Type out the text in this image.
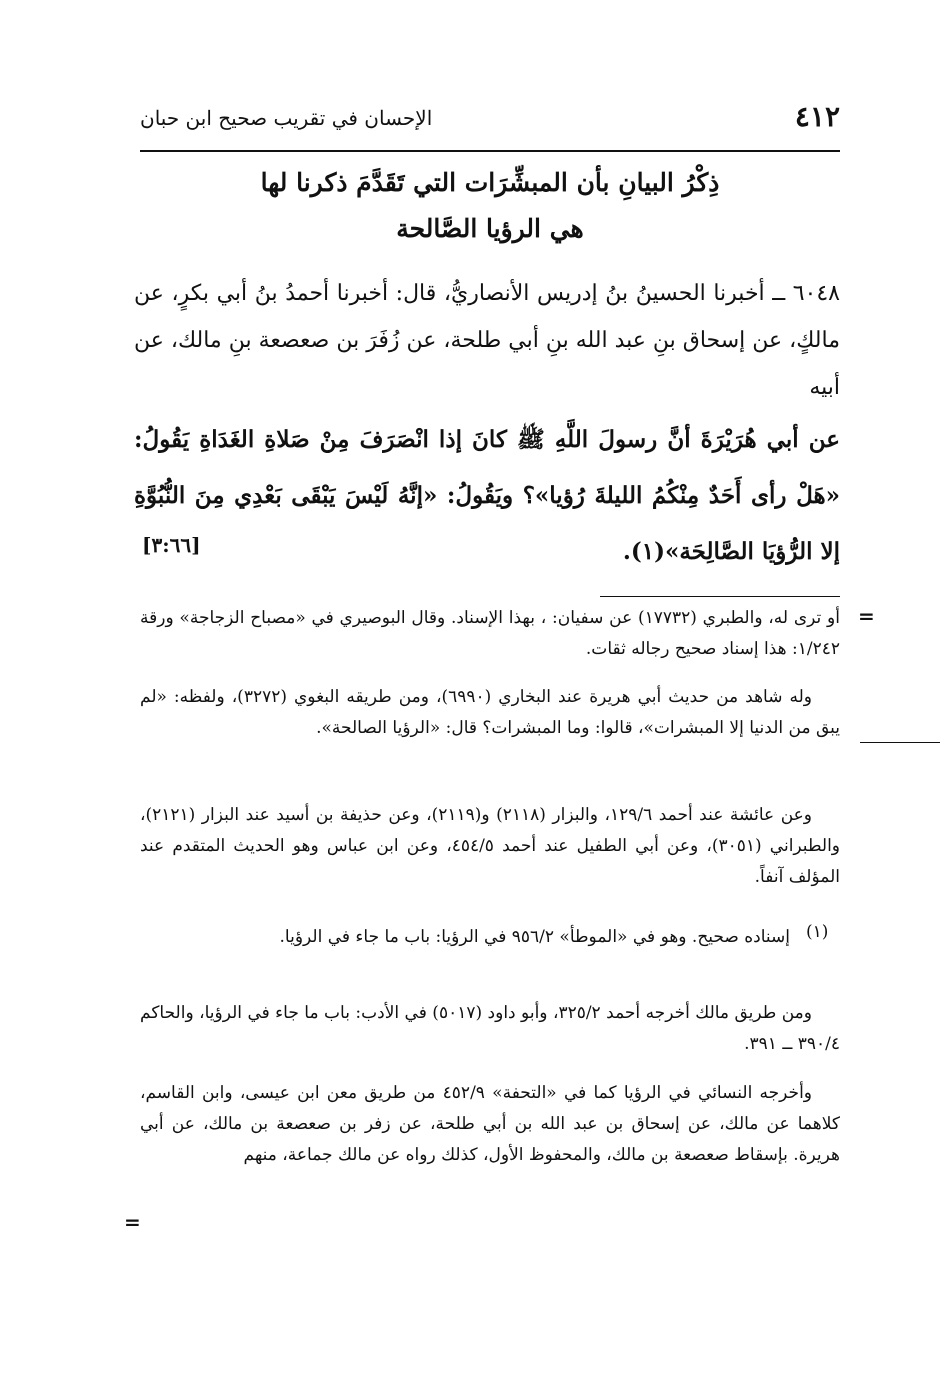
٤١٢
الإحسان في تقريب صحيح ابن حبان
ذِكْرُ البيانِ بأن المبشِّرَات التي تَقَدَّمَ ذكرنا لها
هي الرؤيا الصَّالحة
٦٠٤٨ ــ أخبرنا الحسينُ بنُ إدريس الأنصاريُّ، قال: أخبرنا أحمدُ بنُ أبي بكرٍ، عن مالكٍ، عن إسحاق بنِ عبد الله بنِ أبي طلحة، عن زُفَرَ بن صعصعة بنِ مالك، عن أبيه
عن أبي هُرَيْرَةَ أنَّ رسولَ اللَّهِ ﷺ كانَ إذا انْصَرَفَ مِنْ صَلاةِ الغَدَاةِ يَقُولُ: «هَلْ رأى أَحَدٌ مِنْكُمُ الليلةَ رُؤيا»؟ ويَقُولُ: «إنَّهُ لَيْسَ يَبْقَى بَعْدِي مِنَ النُّبُوَّةِ إلا الرُّؤيَا الصَّالِحَة»(١).
[٣:٦٦]
=
أو ترى له، والطبري (١٧٧٣٢) عن سفيان: ، بهذا الإسناد. وقال البوصيري في «مصباح الزجاجة» ورقة ١/٢٤٢: هذا إسناد صحيح رجاله ثقات.
وله شاهد من حديث أبي هريرة عند البخاري (٦٩٩٠)، ومن طريقه البغوي (٣٢٧٢)، ولفظه: «لم يبق من الدنيا إلا المبشرات»، قالوا: وما المبشرات؟ قال: «الرؤيا الصالحة».
وعن عائشة عند أحمد ١٢٩/٦، والبزار (٢١١٨) و(٢١١٩)، وعن حذيفة بن أسيد عند البزار (٢١٢١)، والطبراني (٣٠٥١)، وعن أبي الطفيل عند أحمد ٤٥٤/٥، وعن ابن عباس وهو الحديث المتقدم عند المؤلف آنفاً.
(١)
إسناده صحيح. وهو في «الموطأ» ٩٥٦/٢ في الرؤيا: باب ما جاء في الرؤيا.
ومن طريق مالك أخرجه أحمد ٣٢٥/٢، وأبو داود (٥٠١٧) في الأدب: باب ما جاء في الرؤيا، والحاكم ٣٩٠/٤ ــ ٣٩١.
وأخرجه النسائي في الرؤيا كما في «التحفة» ٤٥٢/٩ من طريق معن ابن عيسى، وابن القاسم، كلاهما عن مالك، عن إسحاق بن عبد الله بن أبي طلحة، عن زفر بن صعصعة بن مالك، عن أبي هريرة. بإسقاط صعصعة بن مالك، والمحفوظ الأول، كذلك رواه عن مالك جماعة، منهم
=
